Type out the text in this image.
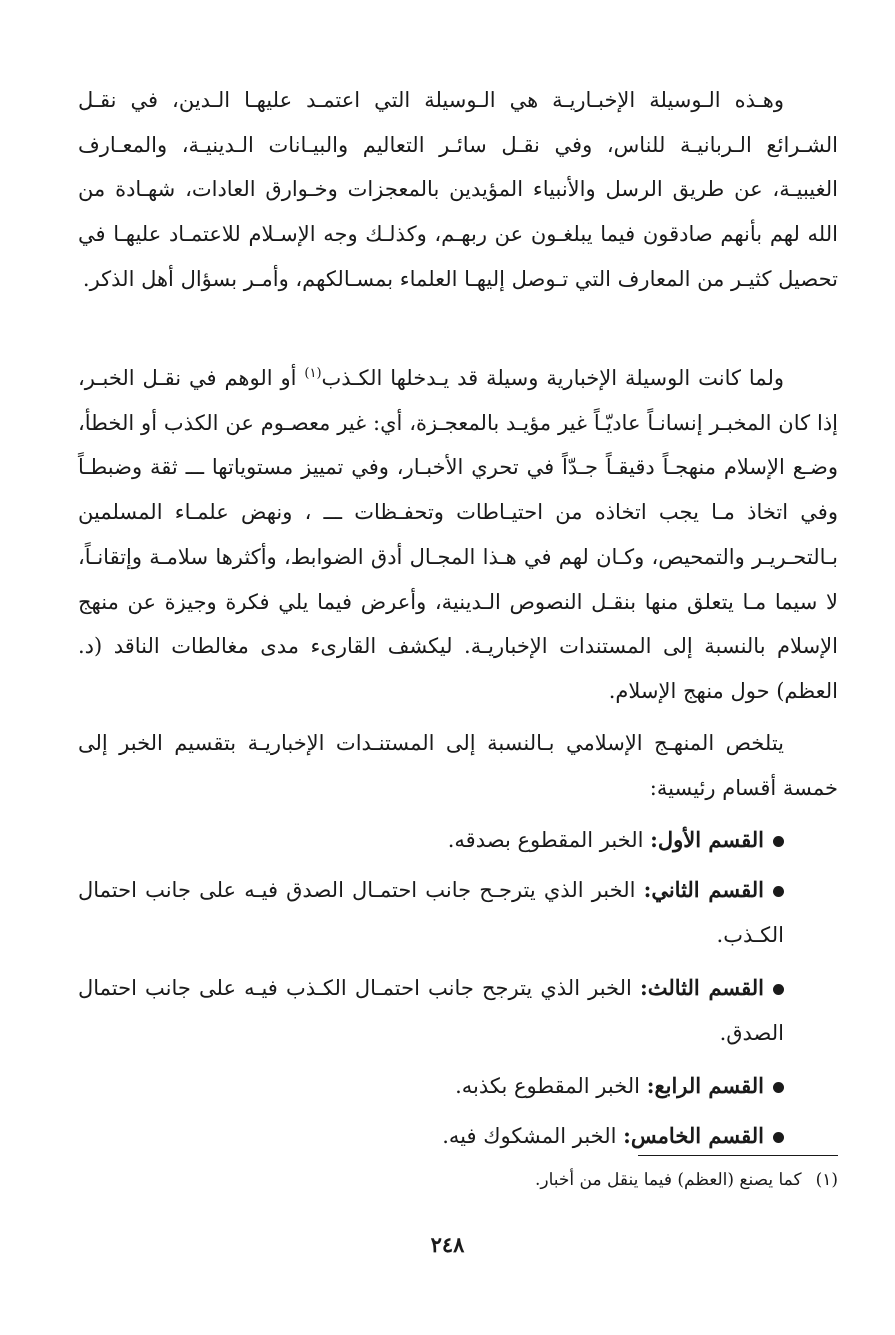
وهـذه الـوسيلة الإخبـاريـة هي الـوسيلة التي اعتمـد عليهـا الـدين، في نقـل الشـرائع الـربانيـة للناس، وفي نقـل سائـر التعاليم والبيـانات الـدينيـة، والمعـارف الغيبيـة، عن طريق الرسل والأنبياء المؤيدين بالمعجزات وخـوارق العادات، شهـادة من الله لهم بأنهم صادقون فيما يبلغـون عن ربهـم، وكذلـك وجه الإسـلام للاعتمـاد عليهـا في تحصيل كثيـر من المعارف التي تـوصل إليهـا العلماء بمسـالكهم، وأمـر بسؤال أهل الذكر.

ولما كانت الوسيلة الإخبارية وسيلة قد يـدخلها الكـذب$^{(١)}$ أو الوهم في نقـل الخبـر، إذا كان المخبـر إنسانـاً عاديّـاً غير مؤيـد بالمعجـزة، أي: غير معصـوم عن الكذب أو الخطأ، وضـع الإسلام منهجـاً دقيقـاً جـدّاً في تحري الأخبـار، وفي تمييز مستوياتها ـــ ثقة وضبطـاً وفي اتخاذ مـا يجب اتخاذه من احتيـاطات وتحفـظات ـــ ، ونهض علمـاء المسلمين بـالتحـريـر والتمحيص، وكـان لهم في هـذا المجـال أدق الضوابط، وأكثرها سلامـة وإتقانـاً، لا سيما مـا يتعلق منها بنقـل النصوص الـدينية، وأعرض فيما يلي فكرة وجيزة عن منهج الإسلام بالنسبة إلى المستندات الإخباريـة. ليكشف القارىء مدى مغالطات الناقد (د. العظم) حول منهج الإسلام.

يتلخص المنهـج الإسلامي بـالنسبة إلى المستنـدات الإخباريـة بتقسيم الخبر إلى خمسة أقسام رئيسية:

القسم الأول: الخبر المقطوع بصدقه.
القسم الثاني: الخبر الذي يترجـح جانب احتمـال الصدق فيـه على جانب احتمال الكـذب.
القسم الثالث: الخبر الذي يترجح جانب احتمـال الكـذب فيـه على جانب احتمال الصدق.
القسم الرابع: الخبر المقطوع بكذبه.
القسم الخامس: الخبر المشكوك فيه.
(١)كما يصنع (العظم) فيما ينقل من أخبار.
٢٤٨
